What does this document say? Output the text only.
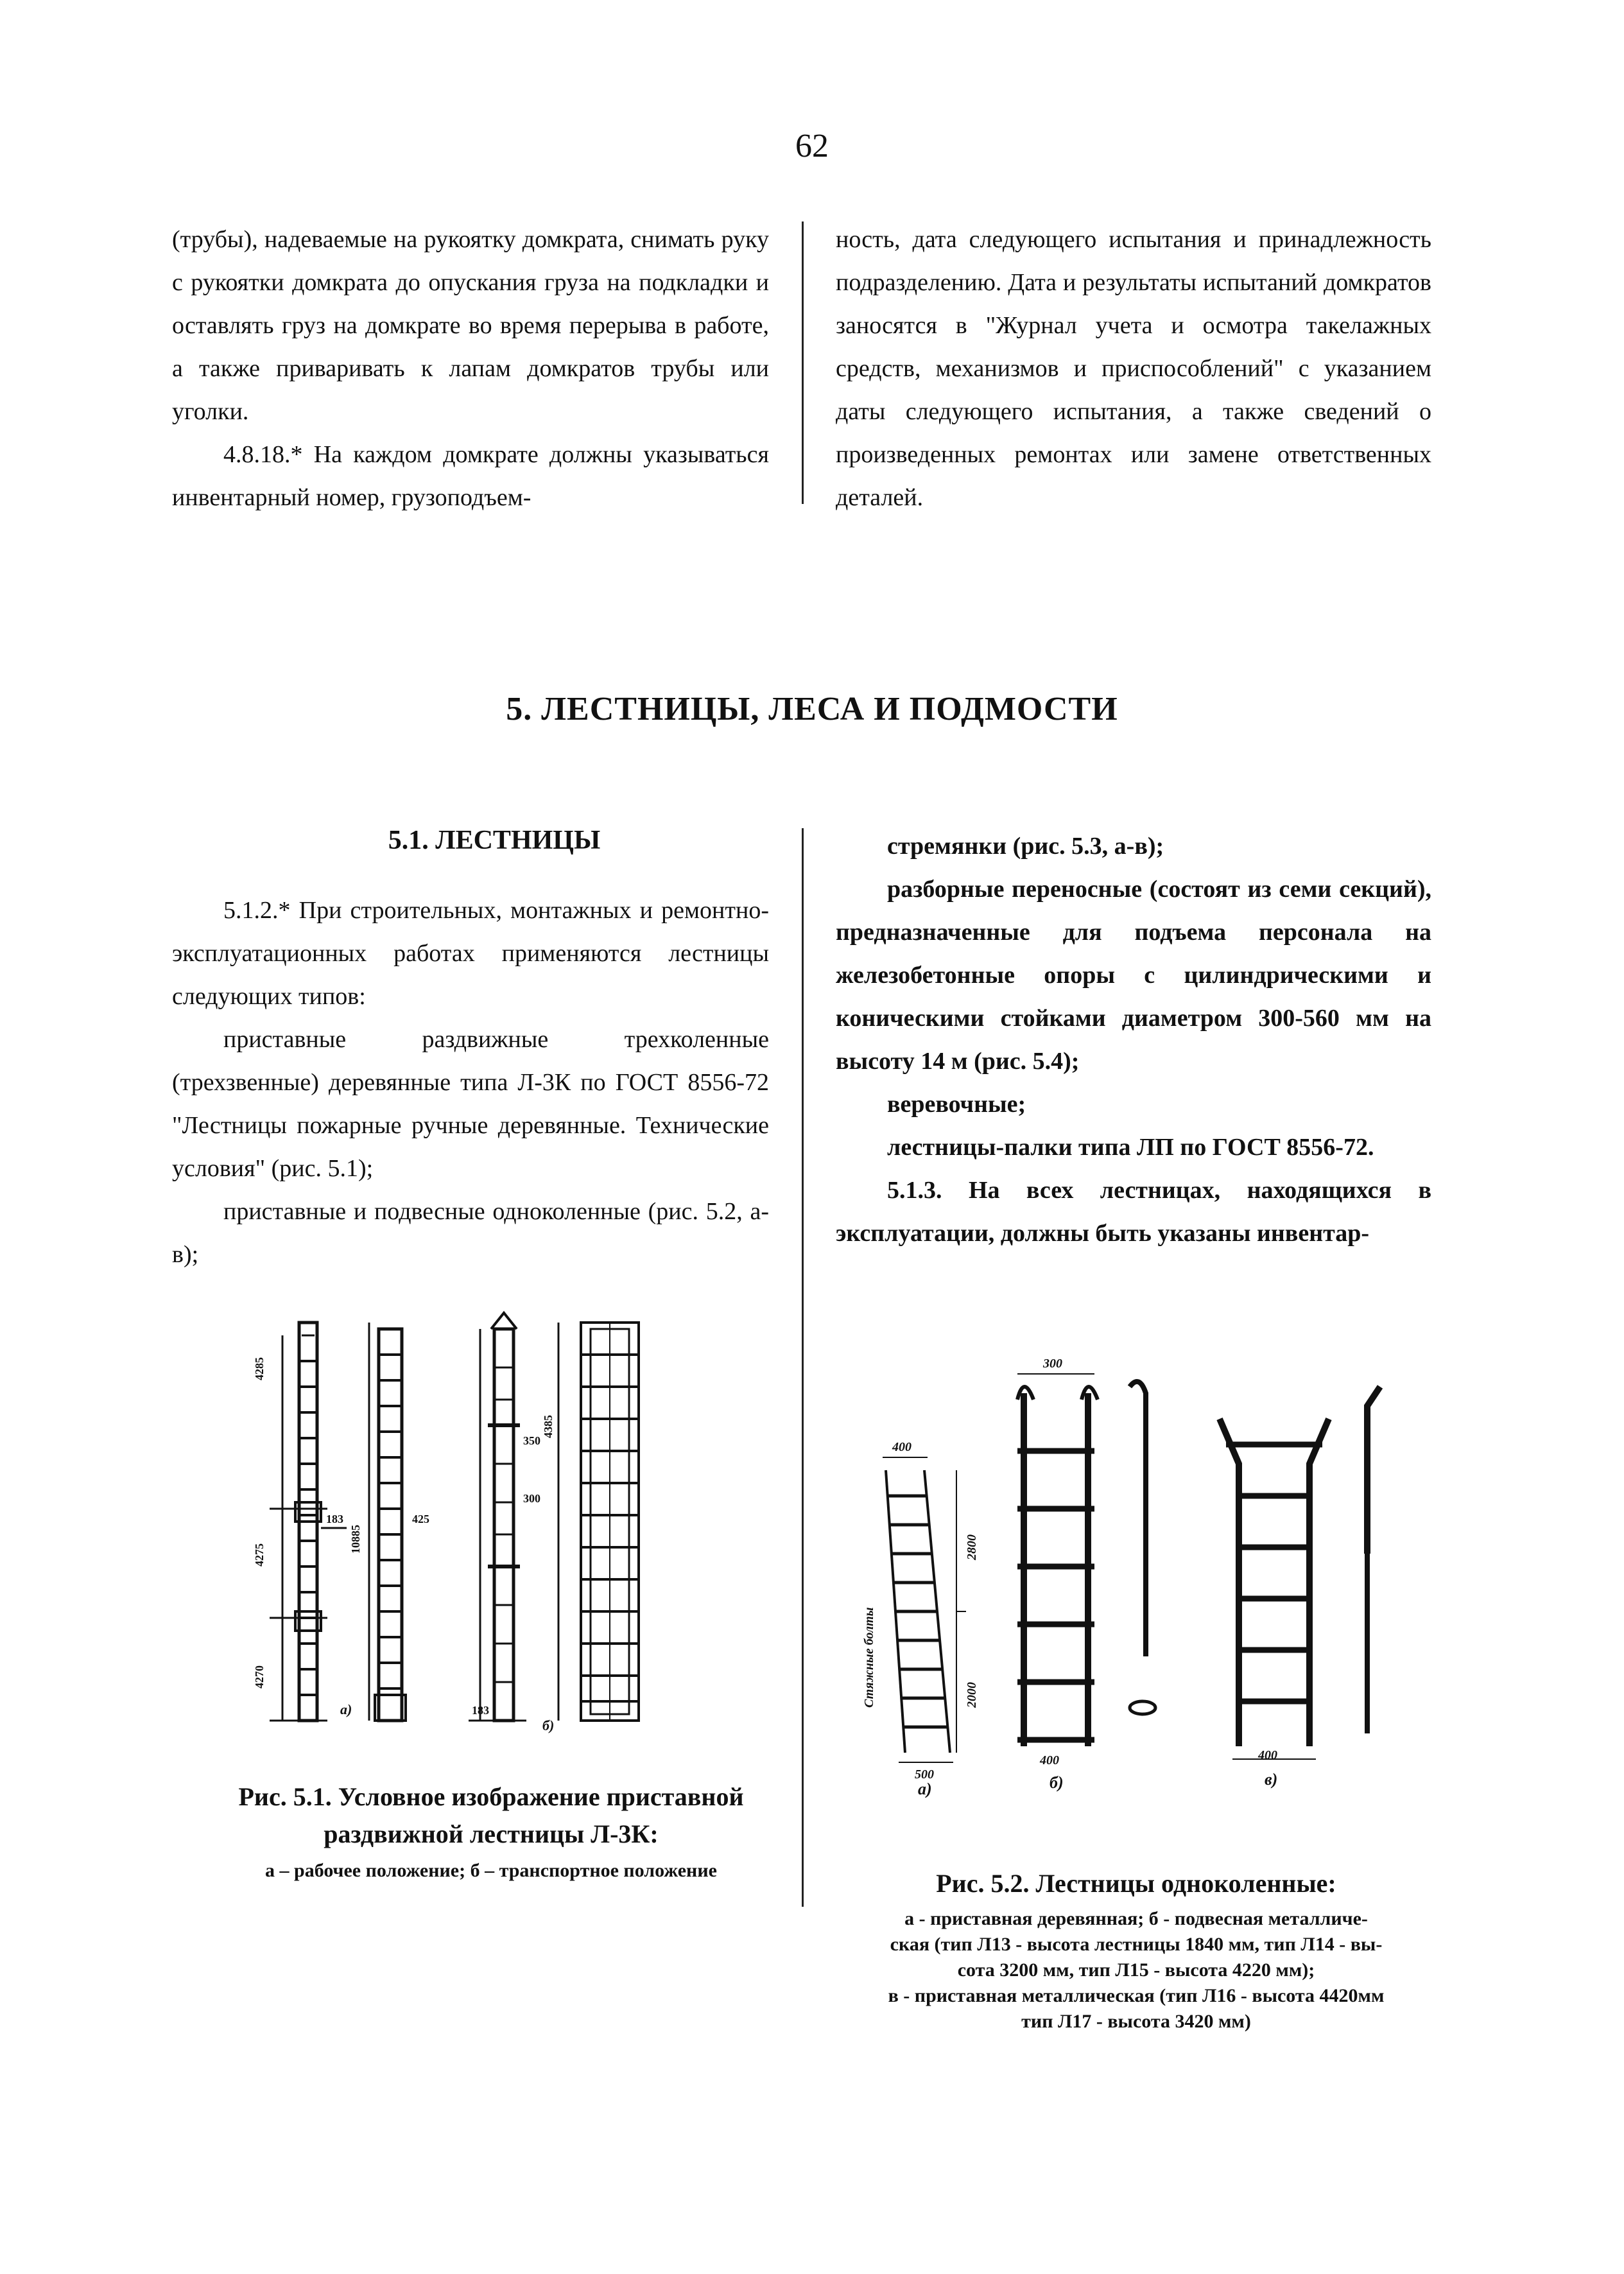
62

(трубы), надеваемые на рукоятку домкрата, снимать руку с рукоятки домкрата до опускания груза на подкладки и оставлять груз на домкрате во время перерыва в работе, а также приваривать к лапам домкратов трубы или уголки.

4.8.18.* На каждом домкрате должны указываться инвентарный номер, грузоподъем-

ность, дата следующего испытания и принадлежность подразделению. Дата и результаты испытаний домкратов заносятся в "Журнал учета и осмотра такелажных средств, механизмов и приспособлений" с указанием даты следующего испытания, а также сведений о произведенных ремонтах или замене ответственных деталей.

5. ЛЕСТНИЦЫ, ЛЕСА И ПОДМОСТИ
5.1. ЛЕСТНИЦЫ

5.1.2.* При строительных, монтажных и ремонтно-эксплуатационных работах применяются лестницы следующих типов:

приставные раздвижные трехколенные (трехзвенные) деревянные типа Л-3К по ГОСТ 8556-72 "Лестницы пожарные ручные деревянные. Технические условия" (рис. 5.1);

приставные и подвесные одноколенные (рис. 5.2, а-в);

стремянки (рис. 5.3, а-в);

разборные переносные (состоят из семи секций), предназначенные для подъема персонала на железобетонные опоры с цилиндрическими и коническими стойками диаметром 300-560 мм на высоту 14 м (рис. 5.4);

веревочные;

лестницы-палки типа ЛП по ГОСТ 8556-72.

5.1.3. На всех лестницах, находящихся в эксплуатации, должны быть указаны инвентар-

4285
4275
4270
10885
4385
183	425
183
350
300
а)
б)
Рис. 5.1. Условное изображение приставной раздвижной лестницы Л-3К:
а – рабочее положение; б – транспортное положение
400
300
2800
2000
500
400	400
Стяжные болты
а)	б)	в)
Рис. 5.2. Лестницы одноколенные:
а - приставная деревянная; б - подвесная металличе-
ская (тип Л13 - высота лестницы 1840 мм, тип Л14 - вы-
сота 3200 мм, тип Л15 - высота 4220 мм);
в - приставная металлическая (тип Л16 - высота 4420мм
тип Л17 - высота 3420 мм)
